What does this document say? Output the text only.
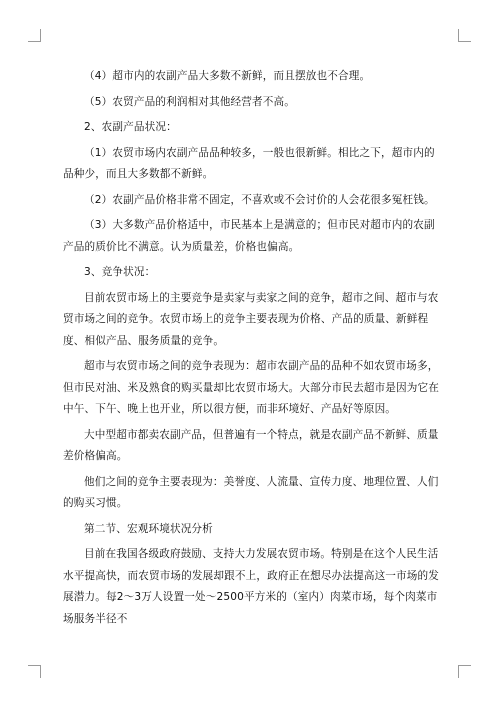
（4）超市内的农副产品大多数不新鲜，而且摆放也不合理。

（5）农贸产品的利润相对其他经营者不高。

2、农副产品状况：

（1）农贸市场内农副产品品种较多，一般也很新鲜。相比之下，超市内的品种少，而且大多数都不新鲜。

（2）农副产品价格非常不固定，不喜欢或不会讨价的人会花很多冤枉钱。

（3）大多数产品价格适中，市民基本上是满意的；但市民对超市内的农副产品的质价比不满意。认为质量差，价格也偏高。

3、竞争状况：

目前农贸市场上的主要竞争是卖家与卖家之间的竞争，超市之间、超市与农贸市场之间的竞争。农贸市场上的竞争主要表现为价格、产品的质量、新鲜程度、相似产品、服务质量的竞争。

超市与农贸市场之间的竞争表现为：超市农副产品的品种不如农贸市场多，但市民对油、米及熟食的购买量却比农贸市场大。大部分市民去超市是因为它在中午、下午、晚上也开业，所以很方便，而非环境好、产品好等原因。

大中型超市都卖农副产品，但普遍有一个特点，就是农副产品不新鲜、质量差价格偏高。

他们之间的竞争主要表现为：美誉度、人流量、宣传力度、地理位置、人们的购买习惯。

第二节、宏观环境状况分析

目前在我国各级政府鼓励、支持大力发展农贸市场。特别是在这个人民生活水平提高快，而农贸市场的发展却跟不上，政府正在想尽办法提高这一市场的发展潜力。每2～3万人设置一处～2500平方米的（室内）肉菜市场，每个肉菜市场服务半径不
